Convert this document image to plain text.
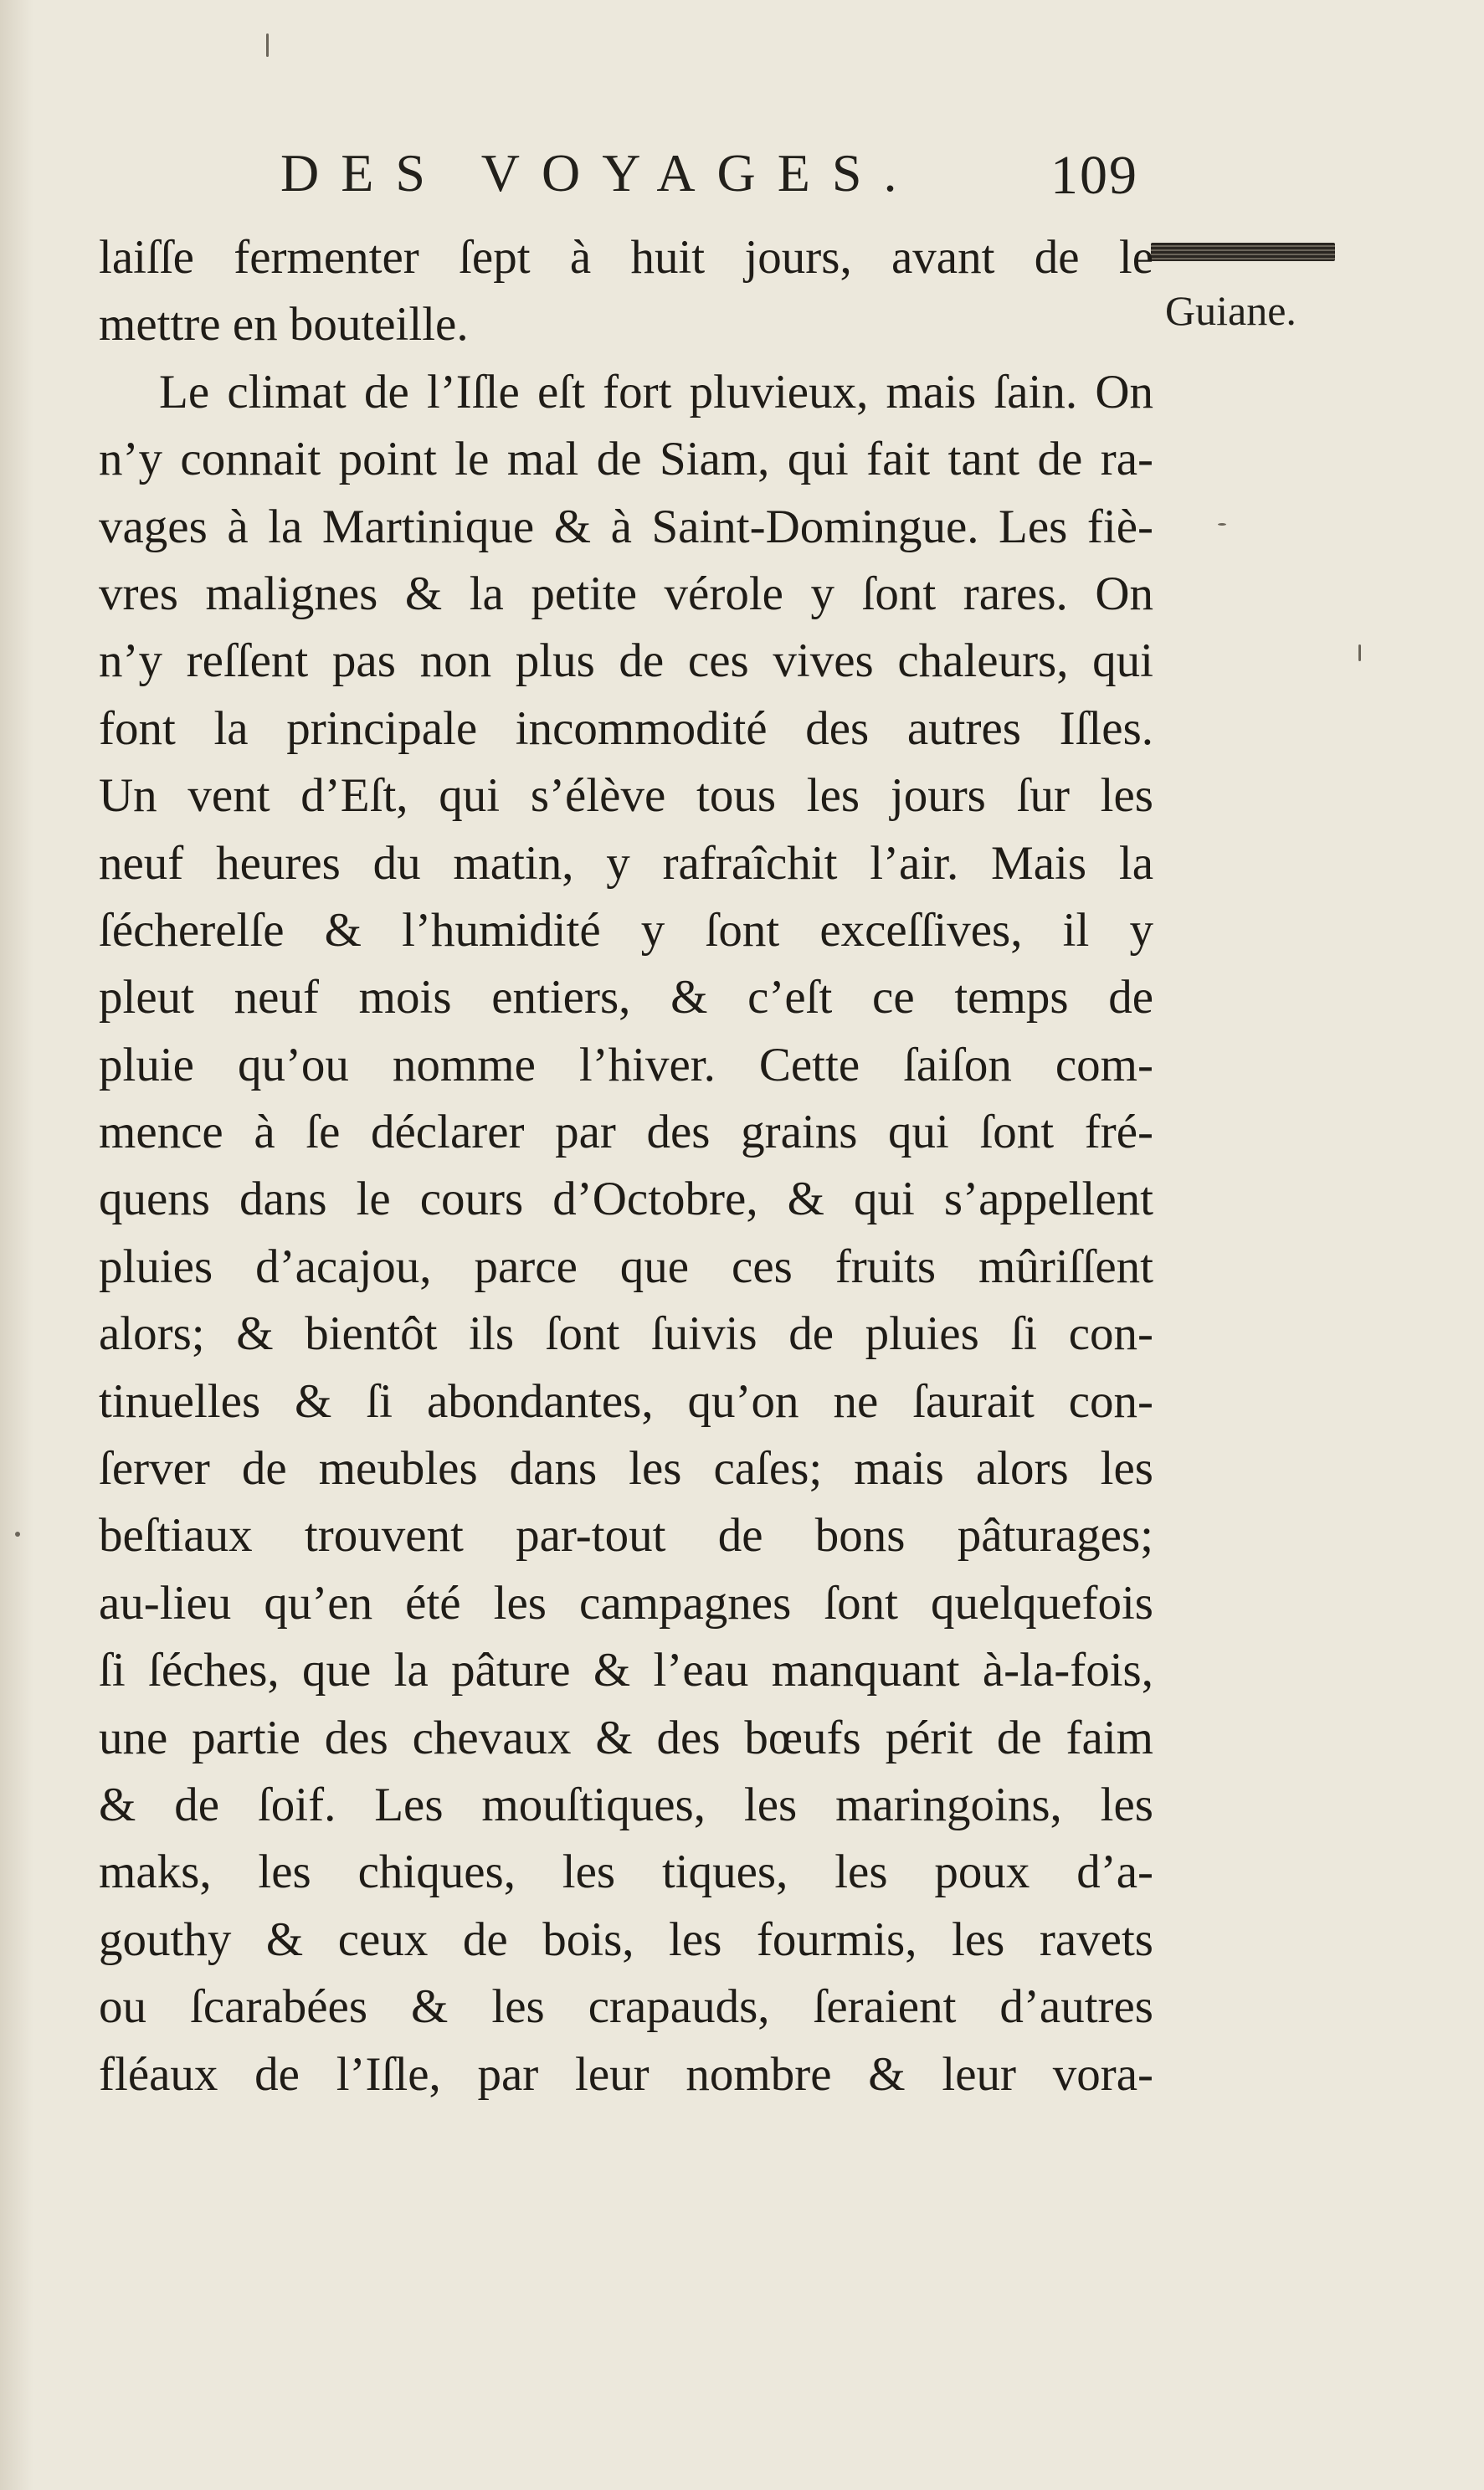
DES VOYAGES. 109
Guiane.
laiſſe fermenter ſept à huit jours, avant de le
mettre en bouteille.
Le climat de l’Iſle eſt fort pluvieux, mais ſain. On
n’y connait point le mal de Siam, qui fait tant de ra-
vages à la Martinique & à Saint-Domingue. Les fiè-
vres malignes & la petite vérole y ſont rares. On
n’y reſſent pas non plus de ces vives chaleurs, qui
font la principale incommodité des autres Iſles.
Un vent d’Eſt, qui s’élève tous les jours ſur les
neuf heures du matin, y rafraîchit l’air. Mais la
ſécherelſe & l’humidité y ſont exceſſives, il y
pleut neuf mois entiers, & c’eſt ce temps de
pluie qu’ou nomme l’hiver. Cette ſaiſon com-
mence à ſe déclarer par des grains qui ſont fré-
quens dans le cours d’Octobre, & qui s’appellent
pluies d’acajou, parce que ces fruits mûriſſent
alors; & bientôt ils ſont ſuivis de pluies ſi con-
tinuelles & ſi abondantes, qu’on ne ſaurait con-
ſerver de meubles dans les caſes; mais alors les
beſtiaux trouvent par-tout de bons pâturages;
au-lieu qu’en été les campagnes ſont quelquefois
ſi ſéches, que la pâture & l’eau manquant à-la-fois,
une partie des chevaux & des bœufs périt de faim
& de ſoif. Les mouſtiques, les maringoins, les
maks, les chiques, les tiques, les poux d’a-
gouthy & ceux de bois, les fourmis, les ravets
ou ſcarabées & les crapauds, ſeraient d’autres
fléaux de l’Iſle, par leur nombre & leur vora-
